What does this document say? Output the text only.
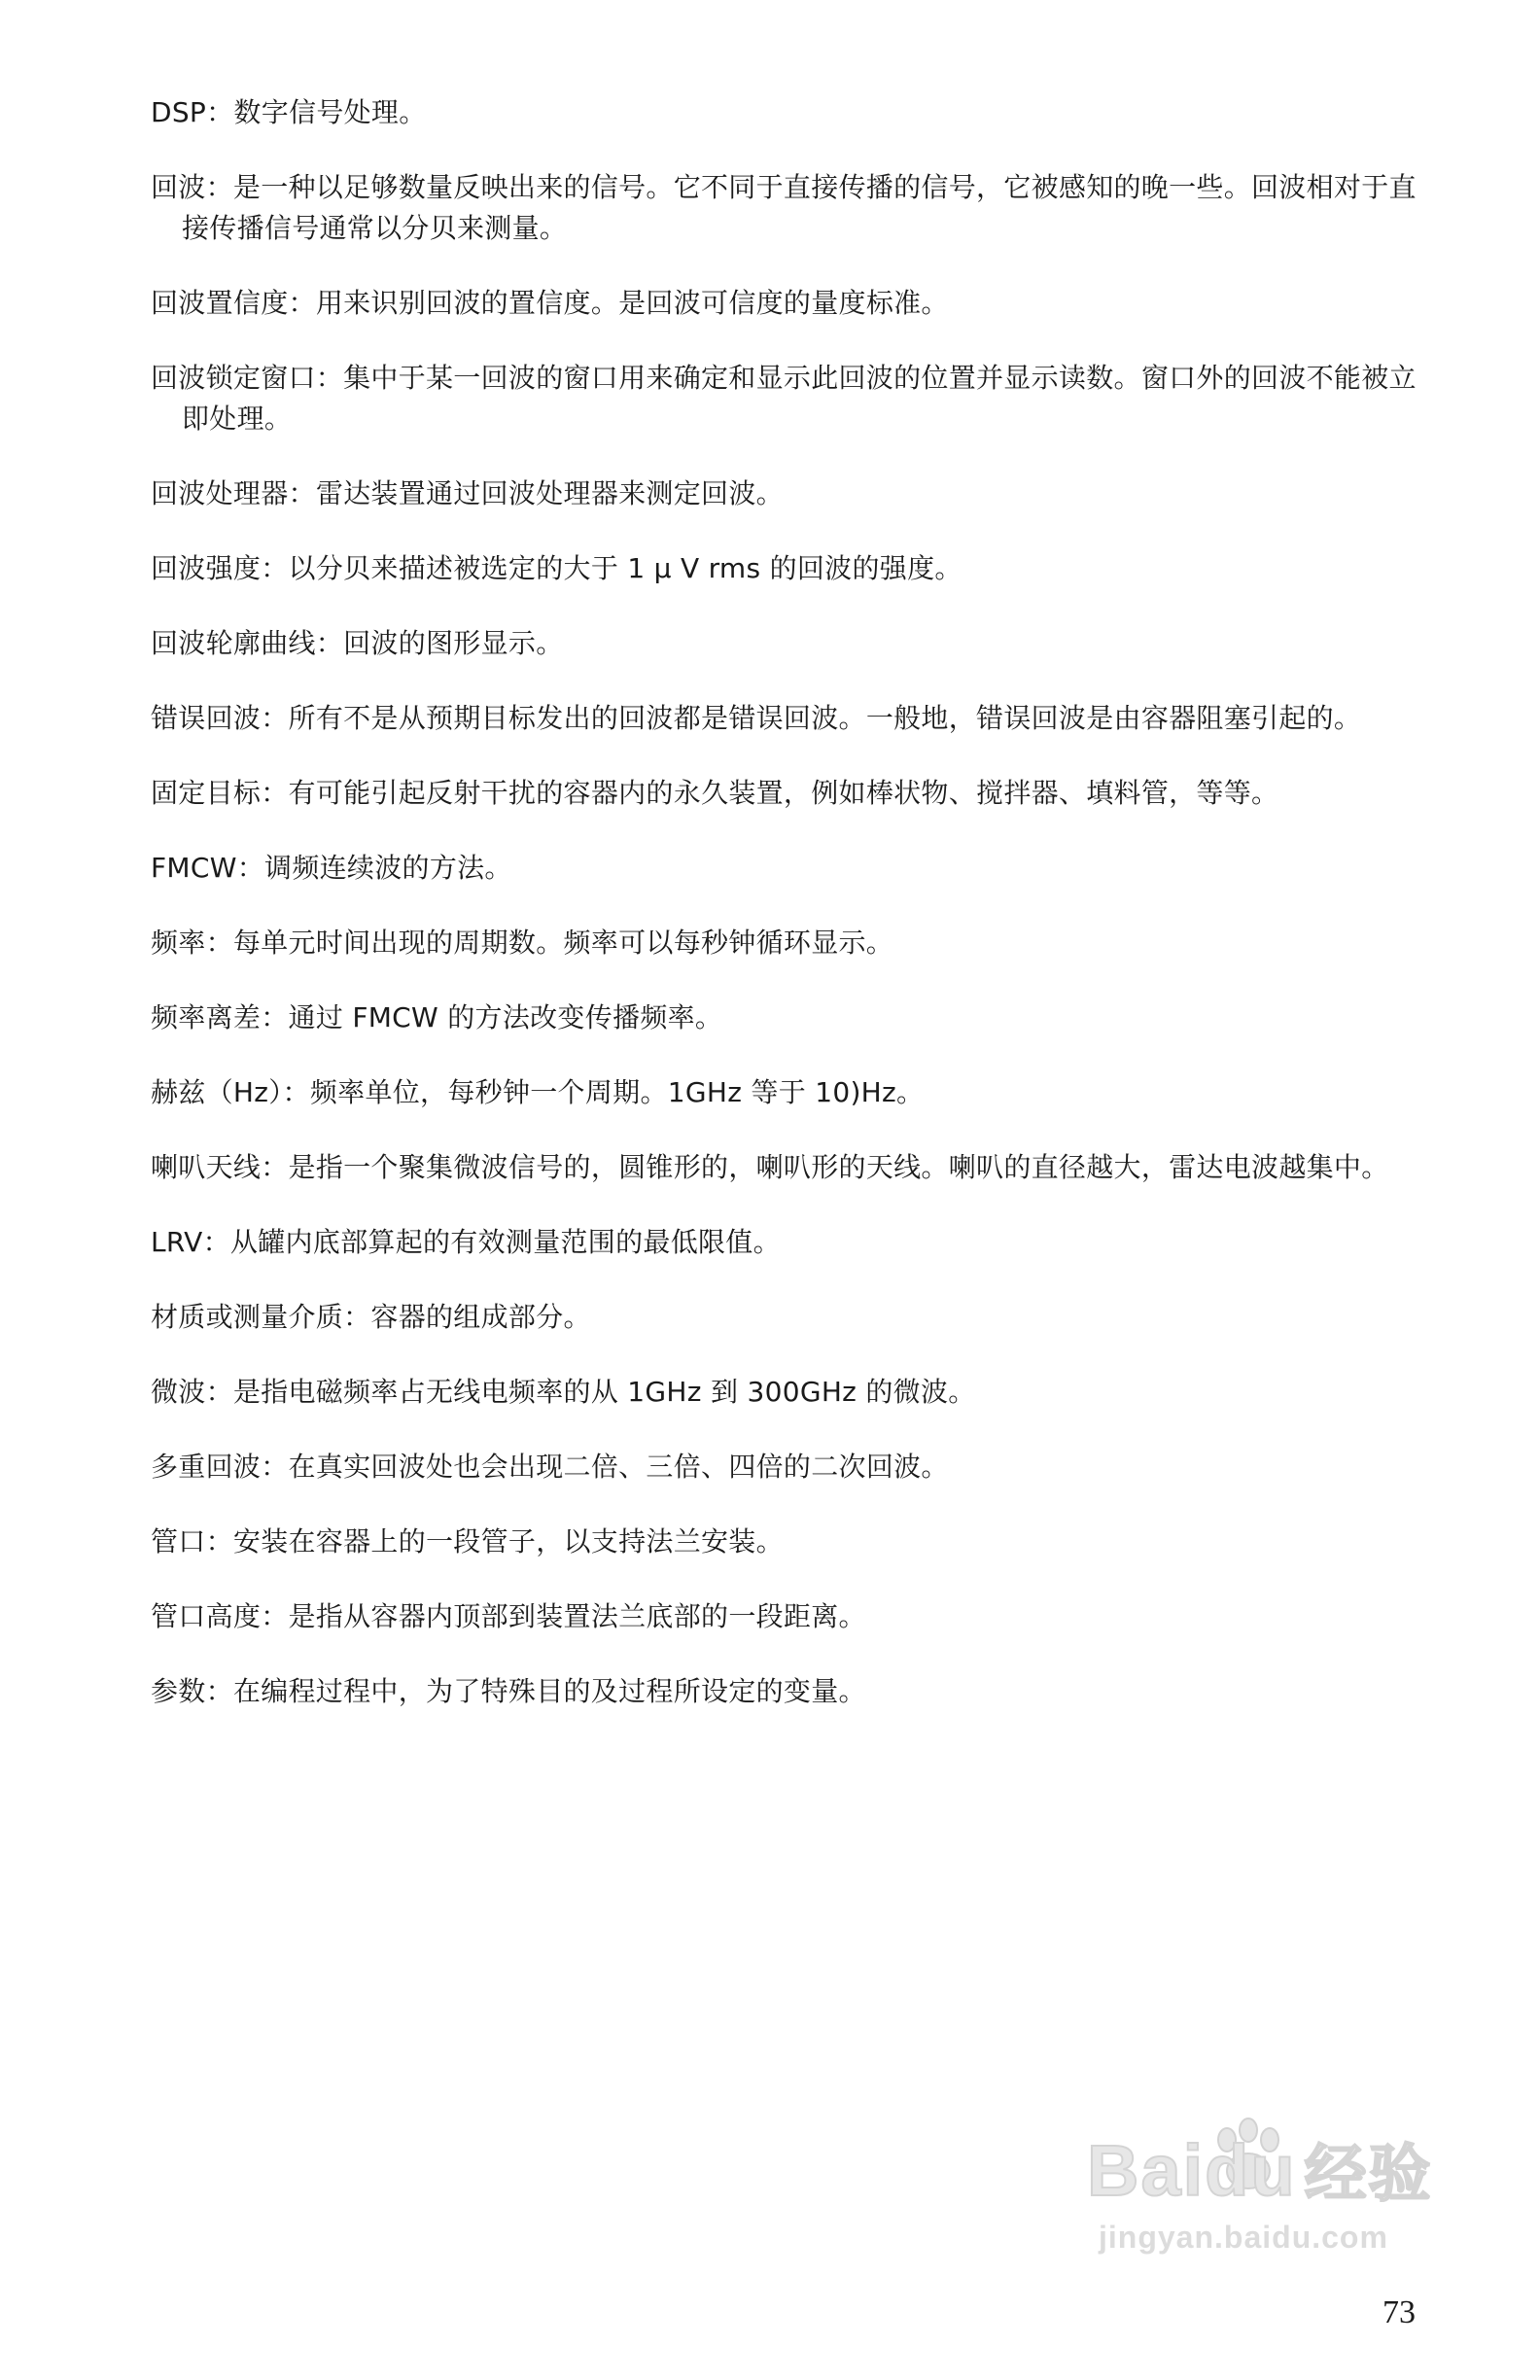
DSP：数字信号处理。

回波：是一种以足够数量反映出来的信号。它不同于直接传播的信号，它被感知的晚一些。回波相对于直接传播信号通常以分贝来测量。

回波置信度：用来识别回波的置信度。是回波可信度的量度标准。

回波锁定窗口：集中于某一回波的窗口用来确定和显示此回波的位置并显示读数。窗口外的回波不能被立即处理。

回波处理器：雷达装置通过回波处理器来测定回波。

回波强度：以分贝来描述被选定的大于 1 µ V rms 的回波的强度。

回波轮廓曲线：回波的图形显示。

错误回波：所有不是从预期目标发出的回波都是错误回波。一般地，错误回波是由容器阻塞引起的。

固定目标：有可能引起反射干扰的容器内的永久装置，例如棒状物、搅拌器、填料管，等等。

FMCW：调频连续波的方法。

频率：每单元时间出现的周期数。频率可以每秒钟循环显示。

频率离差：通过 FMCW 的方法改变传播频率。

赫兹（Hz）：频率单位，每秒钟一个周期。1GHz 等于 10)Hz。

喇叭天线：是指一个聚集微波信号的，圆锥形的，喇叭形的天线。喇叭的直径越大，雷达电波越集中。

LRV：从罐内底部算起的有效测量范围的最低限值。

材质或测量介质：容器的组成部分。

微波：是指电磁频率占无线电频率的从 1GHz 到 300GHz 的微波。

多重回波：在真实回波处也会出现二倍、三倍、四倍的二次回波。

管口：安装在容器上的一段管子，以支持法兰安装。

管口高度：是指从容器内顶部到装置法兰底部的一段距离。

参数：在编程过程中，为了特殊目的及过程所设定的变量。

Baidu 经验
jingyan.baidu.com
73
